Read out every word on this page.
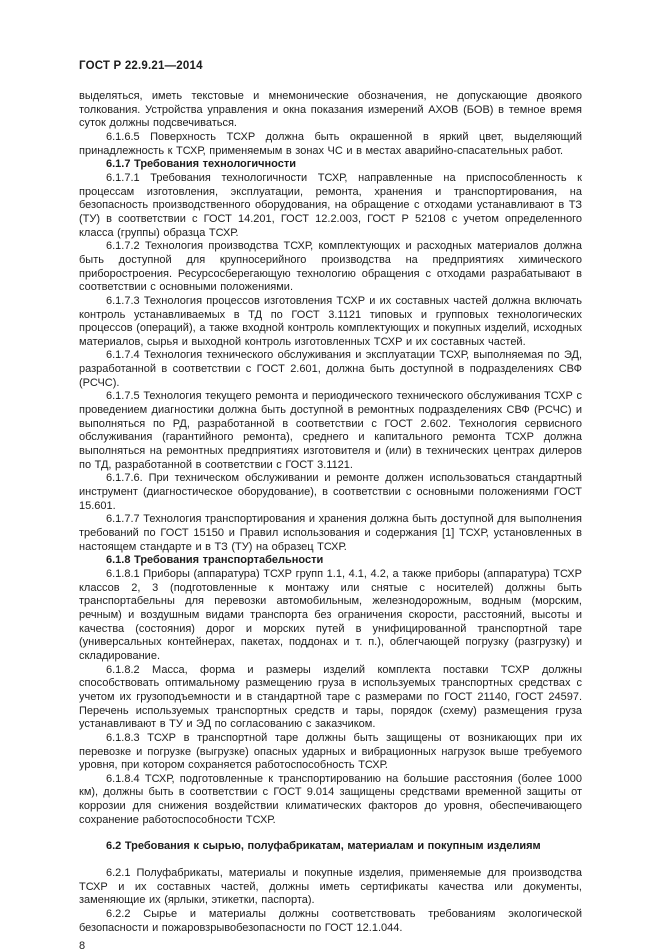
ГОСТ Р 22.9.21—2014

выделяться, иметь текстовые и мнемонические обозначения, не допускающие двоякого толкования. Устройства управления и окна показания измерений АХОВ (БОВ) в темное время суток должны подсвечиваться.

6.1.6.5 Поверхность ТСХР должна быть окрашенной в яркий цвет, выделяющий принадлежность к ТСХР, применяемым в зонах ЧС и в местах аварийно-спасательных работ.

6.1.7 Требования технологичности

6.1.7.1 Требования технологичности ТСХР, направленные на приспособленность к процессам изготовления, эксплуатации, ремонта, хранения и транспортирования, на безопасность производственного оборудования, на обращение с отходами устанавливают в ТЗ (ТУ) в соответствии с ГОСТ 14.201, ГОСТ 12.2.003, ГОСТ Р 52108 с учетом определенного класса (группы) образца ТСХР.

6.1.7.2 Технология производства ТСХР, комплектующих и расходных материалов должна быть доступной для крупносерийного производства на предприятиях химического приборостроения. Ресурсосберегающую технологию обращения с отходами разрабатывают в соответствии с основными положениями.

6.1.7.3 Технология процессов изготовления ТСХР и их составных частей должна включать контроль устанавливаемых в ТД по ГОСТ 3.1121 типовых и групповых технологических процессов (операций), а также входной контроль комплектующих и покупных изделий, исходных материалов, сырья и выходной контроль изготовленных ТСХР и их составных частей.

6.1.7.4 Технология технического обслуживания и эксплуатации ТСХР, выполняемая по ЭД, разработанной в соответствии с ГОСТ 2.601, должна быть доступной в подразделениях СВФ (РСЧС).

6.1.7.5 Технология текущего ремонта и периодического технического обслуживания ТСХР с проведением диагностики должна быть доступной в ремонтных подразделениях СВФ (РСЧС) и выполняться по РД, разработанной в соответствии с ГОСТ 2.602. Технология сервисного обслуживания (гарантийного ремонта), среднего и капитального ремонта ТСХР должна выполняться на ремонтных предприятиях изготовителя и (или) в технических центрах дилеров по ТД, разработанной в соответствии с ГОСТ 3.1121.

6.1.7.6. При техническом обслуживании и ремонте должен использоваться стандартный инструмент (диагностическое оборудование), в соответствии с основными положениями ГОСТ 15.601.

6.1.7.7 Технология транспортирования и хранения должна быть доступной для выполнения требований по ГОСТ 15150 и Правил использования и содержания [1] ТСХР, установленных в настоящем стандарте и в ТЗ (ТУ) на образец ТСХР.

6.1.8 Требования транспортабельности

6.1.8.1 Приборы (аппаратура) ТСХР групп 1.1, 4.1, 4.2, а также приборы (аппаратура) ТСХР классов 2, 3 (подготовленные к монтажу или снятые с носителей) должны быть транспортабельны для перевозки автомобильным, железнодорожным, водным (морским, речным) и воздушным видами транспорта без ограничения скорости, расстояний, высоты и качества (состояния) дорог и морских путей в унифицированной транспортной таре (универсальных контейнерах, пакетах, поддонах и т. п.), облегчающей погрузку (разгрузку) и складирование.

6.1.8.2 Масса, форма и размеры изделий комплекта поставки ТСХР должны способствовать оптимальному размещению груза в используемых транспортных средствах с учетом их грузоподъемности и в стандартной таре с размерами по ГОСТ 21140, ГОСТ 24597. Перечень используемых транспортных средств и тары, порядок (схему) размещения груза устанавливают в ТУ и ЭД по согласованию с заказчиком.

6.1.8.3 ТСХР в транспортной таре должны быть защищены от возникающих при их перевозке и погрузке (выгрузке) опасных ударных и вибрационных нагрузок выше требуемого уровня, при котором сохраняется работоспособность ТСХР.

6.1.8.4 ТСХР, подготовленные к транспортированию на большие расстояния (более 1000 км), должны быть в соответствии с ГОСТ 9.014 защищены средствами временной защиты от коррозии для снижения воздействии климатических факторов до уровня, обеспечивающего сохранение работоспособности ТСХР.

6.2 Требования к сырью, полуфабрикатам, материалам и покупным изделиям

6.2.1 Полуфабрикаты, материалы и покупные изделия, применяемые для производства ТСХР и их составных частей, должны иметь сертификаты качества или документы, заменяющие их (ярлыки, этикетки, паспорта).

6.2.2 Сырье и материалы должны соответствовать требованиям экологической безопасности и пожаровзрывобезопасности по ГОСТ 12.1.044.

8
